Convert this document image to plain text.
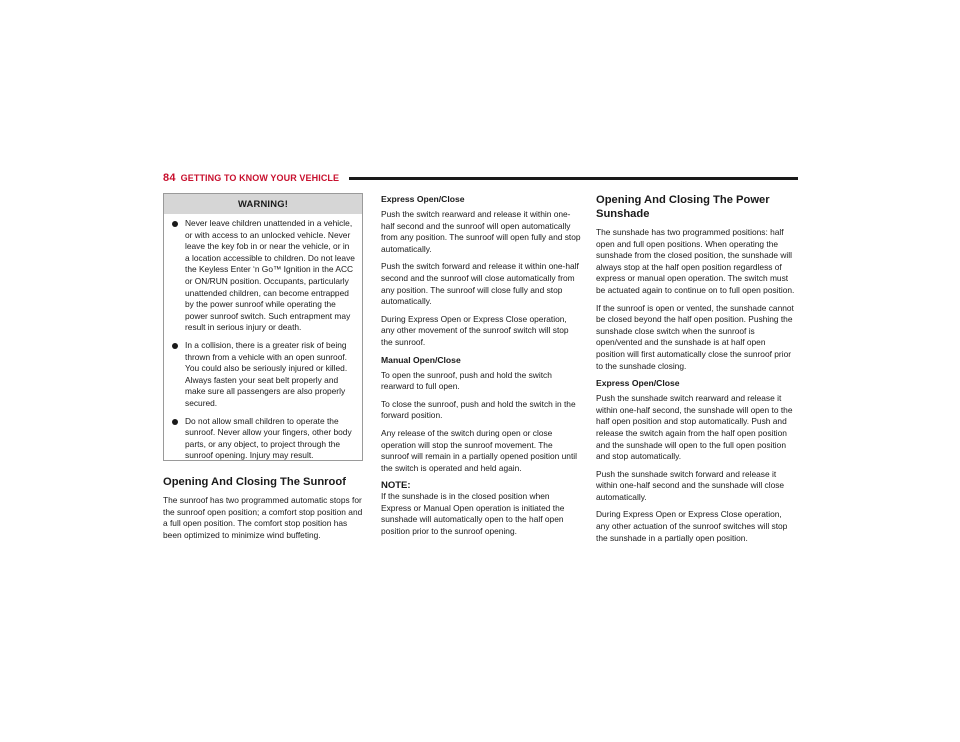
84 GETTING TO KNOW YOUR VEHICLE
WARNING!
Never leave children unattended in a vehicle, or with access to an unlocked vehicle. Never leave the key fob in or near the vehicle, or in a location accessible to children. Do not leave the Keyless Enter ‘n Go™ Ignition in the ACC or ON/RUN position. Occupants, particularly unattended children, can become entrapped by the power sunroof while operating the power sunroof switch. Such entrapment may result in serious injury or death.
In a collision, there is a greater risk of being thrown from a vehicle with an open sunroof. You could also be seriously injured or killed. Always fasten your seat belt properly and make sure all passengers are also properly secured.
Do not allow small children to operate the sunroof. Never allow your fingers, other body parts, or any object, to project through the sunroof opening. Injury may result.
Opening And Closing The Sunroof

The sunroof has two programmed automatic stops for the sunroof open position; a comfort stop position and a full open position. The comfort stop position has been optimized to minimize wind buffeting.

Express Open/Close

Push the switch rearward and release it within one-half second and the sunroof will open automatically from any position. The sunroof will open fully and stop automatically.

Push the switch forward and release it within one-half second and the sunroof will close automatically from any position. The sunroof will close fully and stop automatically.

During Express Open or Express Close operation, any other movement of the sunroof switch will stop the sunroof.

Manual Open/Close

To open the sunroof, push and hold the switch rearward to full open.

To close the sunroof, push and hold the switch in the forward position.

Any release of the switch during open or close operation will stop the sunroof movement. The sunroof will remain in a partially opened position until the switch is operated and held again.

NOTE:

If the sunshade is in the closed position when Express or Manual Open operation is initiated the sunshade will automatically open to the half open position prior to the sunroof opening.

Opening And Closing The Power Sunshade

The sunshade has two programmed positions: half open and full open positions. When operating the sunshade from the closed position, the sunshade will always stop at the half open position regardless of express or manual open operation. The switch must be actuated again to continue on to full open position.

If the sunroof is open or vented, the sunshade cannot be closed beyond the half open position. Pushing the sunshade close switch when the sunroof is open/vented and the sunshade is at half open position will first automatically close the sunroof prior to the sunshade closing.

Express Open/Close

Push the sunshade switch rearward and release it within one-half second, the sunshade will open to the half open position and stop automatically. Push and release the switch again from the half open position and the sunshade will open to the full open position and stop automatically.

Push the sunshade switch forward and release it within one-half second and the sunshade will close automatically.

During Express Open or Express Close operation, any other actuation of the sunroof switches will stop the sunshade in a partially open position.
